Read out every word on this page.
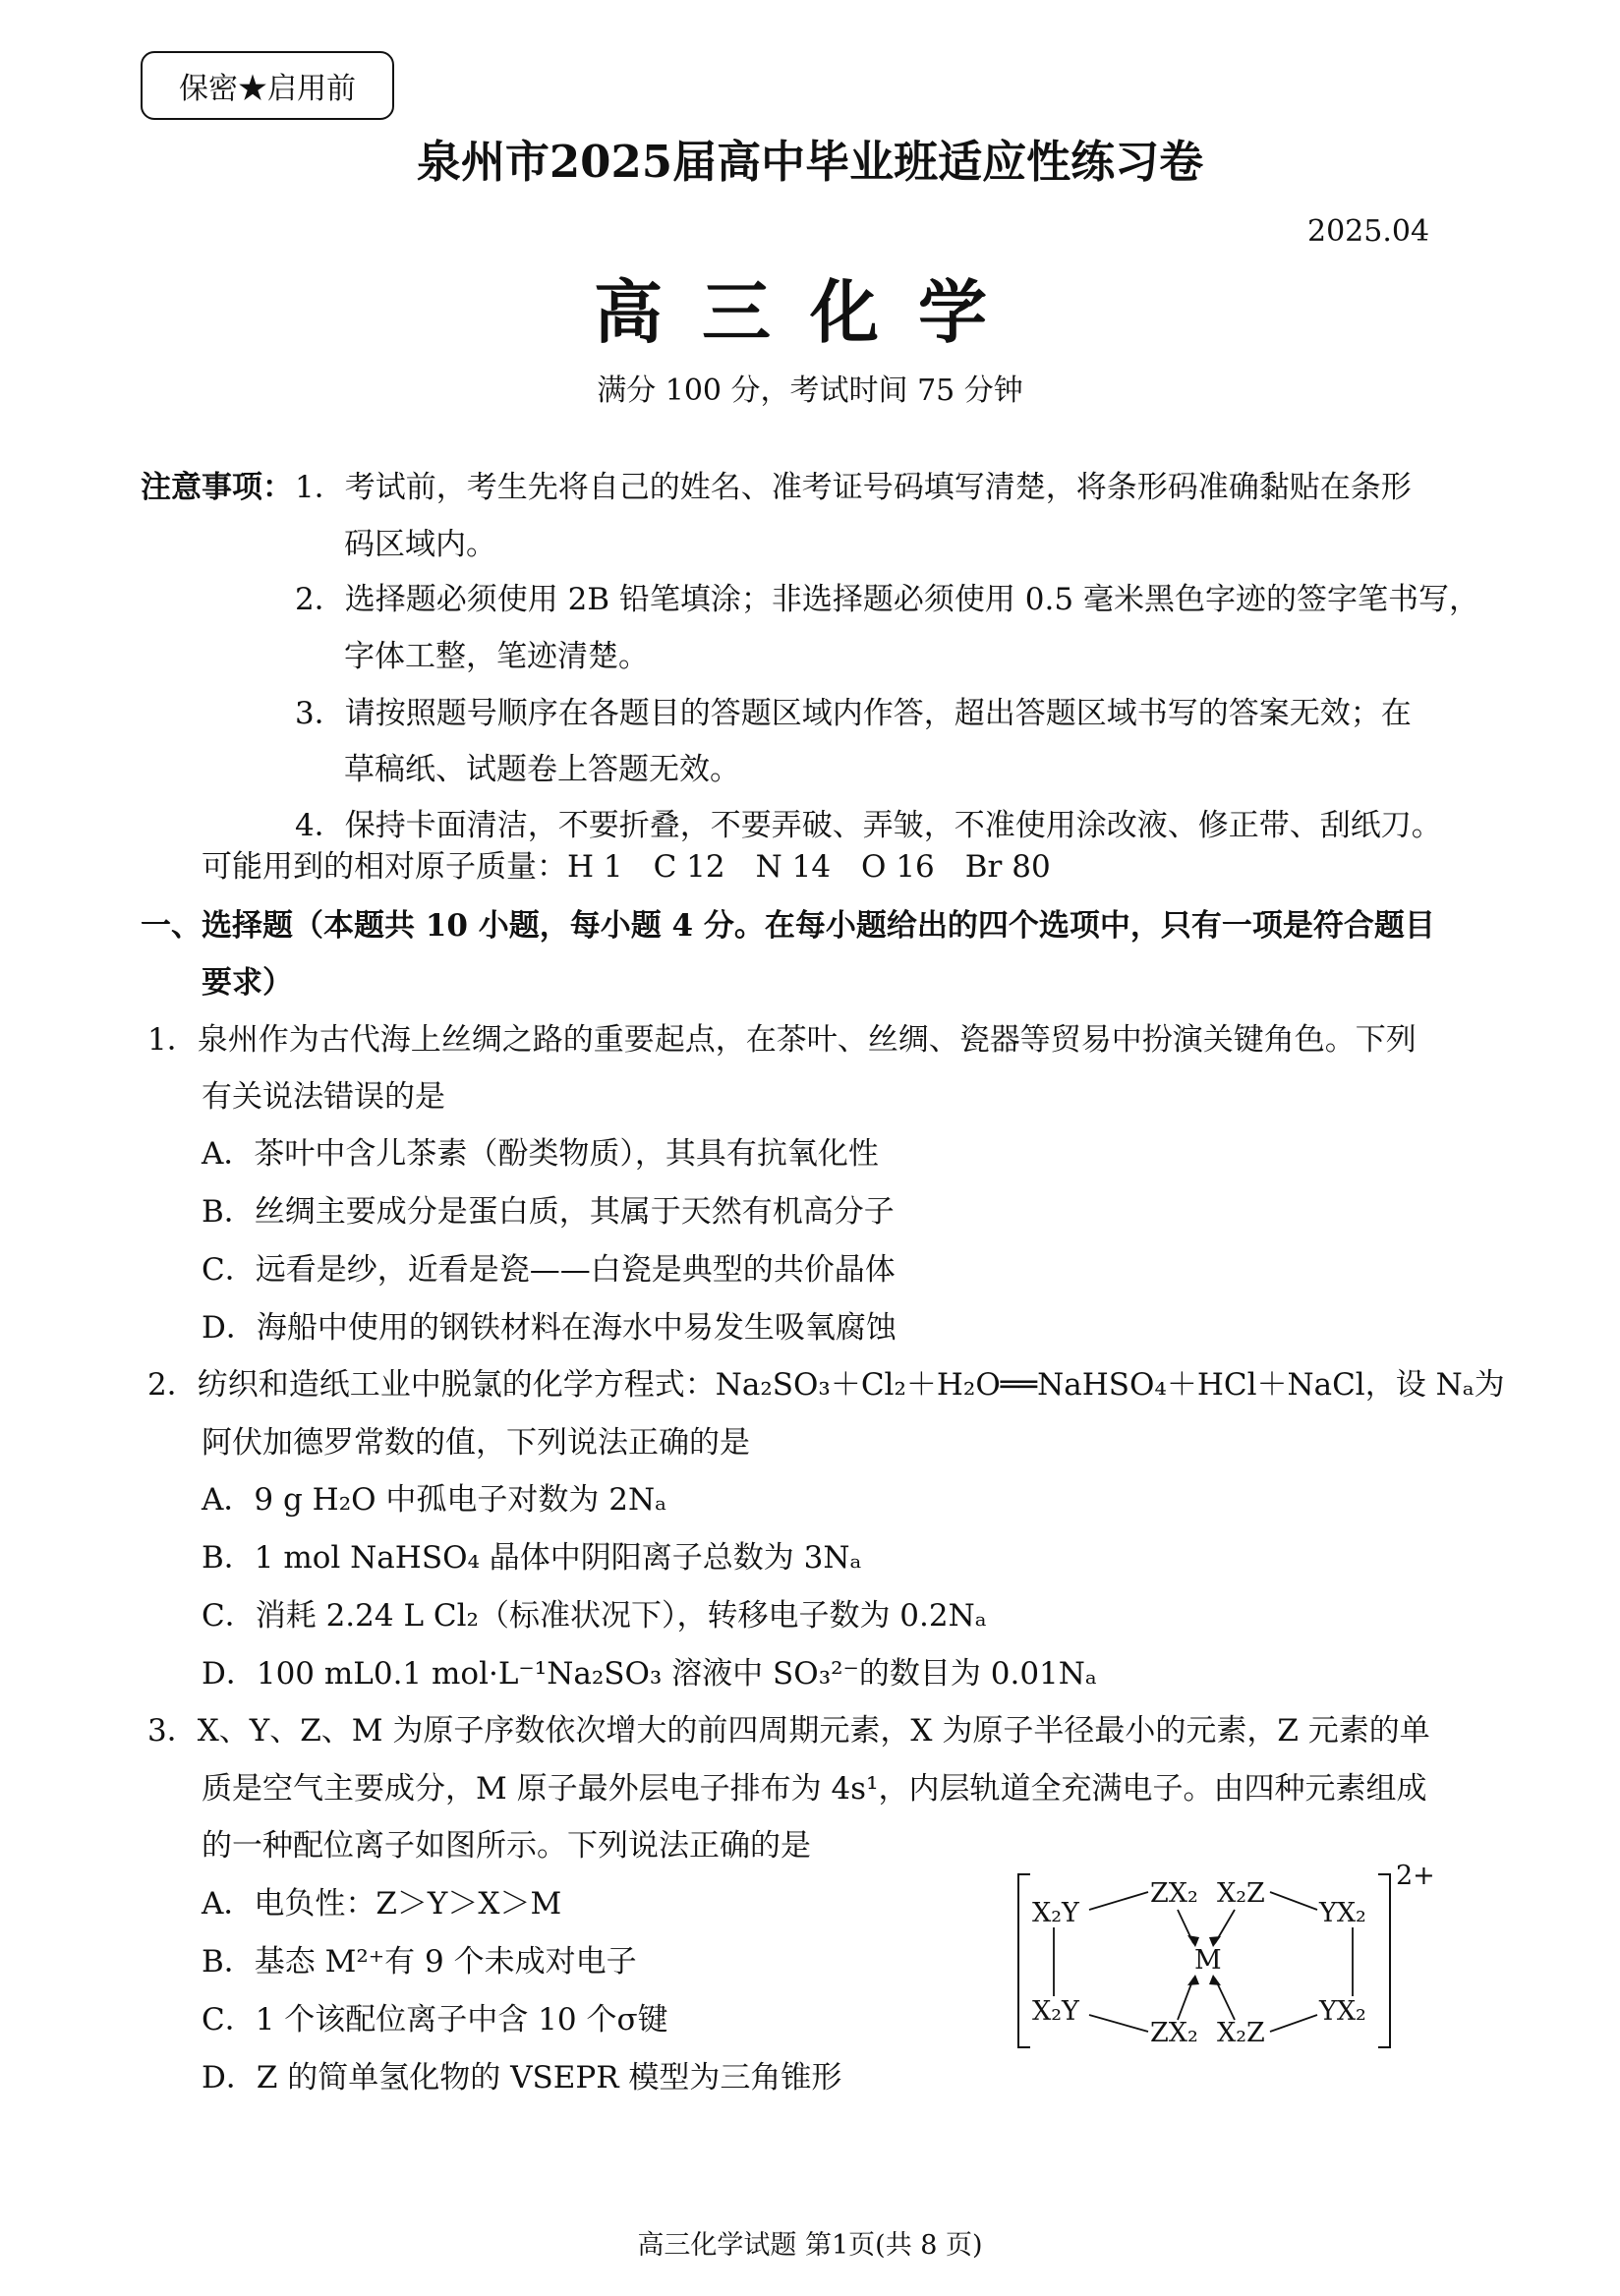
保密★启用前
泉州市2025届高中毕业班适应性练习卷
2025.04
高三化学
满分 100 分，考试时间 75 分钟
注意事项： 1．考试前，考生先将自己的姓名、准考证号码填写清楚，将条形码准确黏贴在条形
码区域内。
2．选择题必须使用 2B 铅笔填涂；非选择题必须使用 0.5 毫米黑色字迹的签字笔书写，
字体工整，笔迹清楚。
3．请按照题号顺序在各题目的答题区域内作答，超出答题区域书写的答案无效；在
草稿纸、试题卷上答题无效。
4．保持卡面清洁，不要折叠，不要弄破、弄皱，不准使用涂改液、修正带、刮纸刀。
可能用到的相对原子质量：H 1　C 12　N 14　O 16　Br 80
一、选择题（本题共 10 小题，每小题 4 分。在每小题给出的四个选项中，只有一项是符合题目
要求）
1．泉州作为古代海上丝绸之路的重要起点，在茶叶、丝绸、瓷器等贸易中扮演关键角色。下列
有关说法错误的是
A．茶叶中含儿茶素（酚类物质），其具有抗氧化性
B．丝绸主要成分是蛋白质，其属于天然有机高分子
C．远看是纱，近看是瓷——白瓷是典型的共价晶体
D．海船中使用的钢铁材料在海水中易发生吸氧腐蚀
2．纺织和造纸工业中脱氯的化学方程式：Na₂SO₃＋Cl₂＋H₂O══NaHSO₄＋HCl＋NaCl，设 Nₐ为
阿伏加德罗常数的值，下列说法正确的是
A．9 g H₂O 中孤电子对数为 2Nₐ
B．1 mol NaHSO₄ 晶体中阴阳离子总数为 3Nₐ
C．消耗 2.24 L Cl₂（标准状况下），转移电子数为 0.2Nₐ
D．100 mL0.1 mol·L⁻¹Na₂SO₃ 溶液中 SO₃²⁻的数目为 0.01Nₐ
3．X、Y、Z、M 为原子序数依次增大的前四周期元素，X 为原子半径最小的元素，Z 元素的单
质是空气主要成分，M 原子最外层电子排布为 4s¹，内层轨道全充满电子。由四种元素组成
的一种配位离子如图所示。下列说法正确的是
A．电负性：Z＞Y＞X＞M
B．基态 M²⁺有 9 个未成对电子
C．1 个该配位离子中含 10 个σ键
D．Z 的简单氢化物的 VSEPR 模型为三角锥形
2+
X₂Y
ZX₂ X₂Z
YX₂
M
X₂Y
ZX₂ X₂Z
YX₂
高三化学试题 第1页(共 8 页)
